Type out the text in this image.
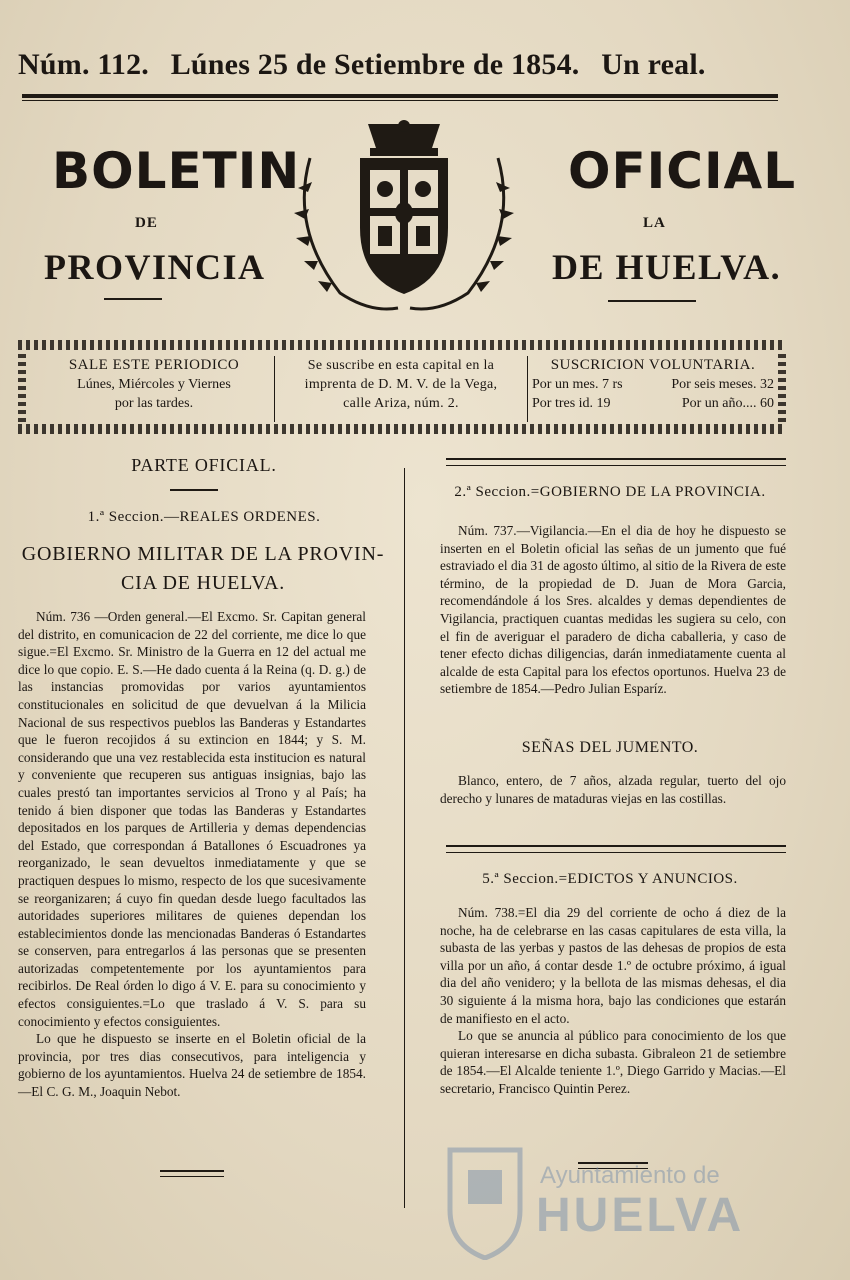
Núm. 112. Lúnes 25 de Setiembre de 1854. Un real.
BOLETIN
DE
PROVINCIA
OFICIAL
LA
DE HUELVA.
SALE ESTE PERIODICO
Lúnes, Miércoles y Viernes
por las tardes.
Se suscribe en esta capital en la
imprenta de D. M. V. de la Vega,
calle Ariza, núm. 2.
SUSCRICION VOLUNTARIA.
Por un mes. 7 rs	Por seis meses. 32
Por tres id. 19	Por un año.... 60
PARTE OFICIAL.
1.ª Seccion.—REALES ORDENES.
GOBIERNO MILITAR DE LA PROVIN-
CIA DE HUELVA.

Núm. 736 —Orden general.—El Excmo. Sr. Capitan general del distrito, en comunicacion de 22 del corriente, me dice lo que sigue.=El Excmo. Sr. Ministro de la Guerra en 12 del actual me dice lo que copio. E. S.—He dado cuenta á la Reina (q. D. g.) de las instancias promovidas por varios ayuntamientos constitucionales en solicitud de que devuelvan á la Milicia Nacional de sus respectivos pueblos las Banderas y Estandartes que le fueron recojidos á su extincion en 1844; y S. M. considerando que una vez restablecida esta institucion es natural y conveniente que recuperen sus antiguas insignias, bajo las cuales prestó tan importantes servicios al Trono y al País; ha tenido á bien disponer que todas las Banderas y Estandartes depositados en los parques de Artilleria y demas dependencias del Estado, que correspondan á Batallones ó Escuadrones ya reorganizado, le sean devueltos inmediatamente y que se practiquen despues lo mismo, respecto de los que sucesivamente se reorganizaren; á cuyo fin quedan desde luego facultados las autoridades superiores militares de quienes dependan los establecimientos donde las mencionadas Banderas ó Estandartes se conserven, para entregarlos á las personas que se presenten autorizadas competentemente por los ayuntamientos para recibirlos. De Real órden lo digo á V. E. para su conocimiento y efectos consiguientes.=Lo que traslado á V. S. para su conocimiento y efectos consiguientes.

Lo que he dispuesto se inserte en el Boletin oficial de la provincia, por tres dias consecutivos, para inteligencia y gobierno de los ayuntamientos. Huelva 24 de setiembre de 1854.—El C. G. M., Joaquin Nebot.

2.ª Seccion.=GOBIERNO DE LA PROVINCIA.

Núm. 737.—Vigilancia.—En el dia de hoy he dispuesto se inserten en el Boletin oficial las señas de un jumento que fué estraviado el dia 31 de agosto último, al sitio de la Rivera de este término, de la propiedad de D. Juan de Mora Garcia, recomendándole á los Sres. alcaldes y demas dependientes de Vigilancia, practiquen cuantas medidas les sugiera su celo, con el fin de averiguar el paradero de dicha caballeria, y caso de tener efecto dichas diligencias, darán inmediatamente cuenta al alcalde de esta Capital para los efectos oportunos. Huelva 23 de setiembre de 1854.—Pedro Julian Esparíz.

SEÑAS DEL JUMENTO.

Blanco, entero, de 7 años, alzada regular, tuerto del ojo derecho y lunares de mataduras viejas en las costillas.

5.ª Seccion.=EDICTOS Y ANUNCIOS.

Núm. 738.=El dia 29 del corriente de ocho á diez de la noche, ha de celebrarse en las casas capitulares de esta villa, la subasta de las yerbas y pastos de las dehesas de propios de esta villa por un año, á contar desde 1.º de octubre próximo, á igual dia del año venidero; y la bellota de las mismas dehesas, el dia 30 siguiente á la misma hora, bajo las condiciones que estarán de manifiesto en el acto.

Lo que se anuncia al público para conocimiento de los que quieran interesarse en dicha subasta. Gibraleon 21 de setiembre de 1854.—El Alcalde teniente 1.º, Diego Garrido y Macias.—El secretario, Francisco Quintin Perez.

Ayuntamiento de
HUELVA
